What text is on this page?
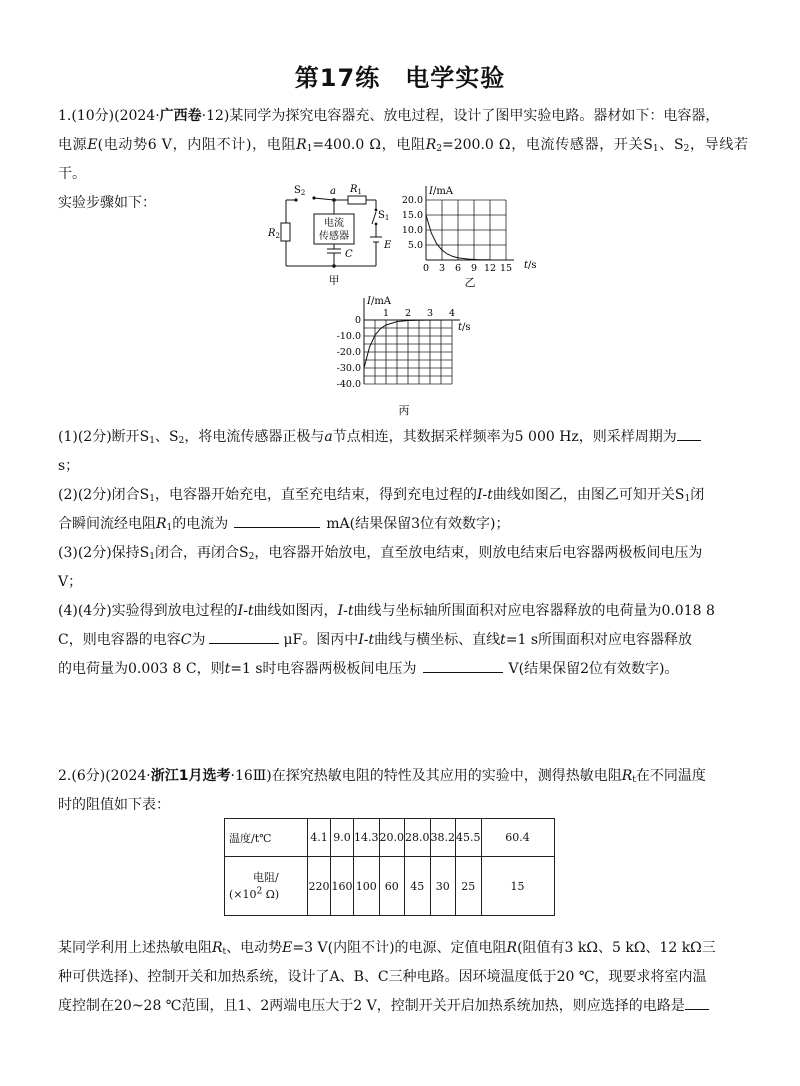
第17练　电学实验
1.(10分)(2024·广西卷·12)某同学为探究电容器充、放电过程，设计了图甲实验电路。器材如下：电容器，
电源E(电动势6 V，内阻不计)，电阻$R_1=400.0$ Ω，电阻$R_2=200.0$ Ω，电流传感器，开关$S_1$、$S_2$，导线若干。
实验步骤如下：
$S_2$ a $R_1$
$S_1$
$R_2$
电流
传感器
C
E
甲
20.0
15.0
10.0
5.0
0 3 6 9 12 15
I/mA
t/s
乙
0
-10.0
-20.0
-30.0
-40.0
1 2 3 4
I/mA
t/s
丙
(1)(2分)断开$S_1$、$S_2$，将电流传感器正极与a节点相连，其数据采样频率为5 000 Hz，则采样周期为
s；
(2)(2分)闭合$S_1$，电容器开始充电，直至充电结束，得到充电过程的I-t曲线如图乙，由图乙可知开关$S_1$闭
合瞬间流经电阻$R_1$的电流为	mA(结果保留3位有效数字)；
(3)(2分)保持$S_1$闭合，再闭合$S_2$，电容器开始放电，直至放电结束，则放电结束后电容器两极板间电压为
V；
(4)(4分)实验得到放电过程的I-t曲线如图丙，I-t曲线与坐标轴所围面积对应电容器释放的电荷量为0.018 8
C，则电容器的电容C为	μF。图丙中I-t曲线与横坐标、直线t=1 s所围面积对应电容器释放
的电荷量为0.003 8 C，则t=1 s时电容器两极板间电压为	V(结果保留2位有效数字)。
2.(6分)(2024·浙江1月选考·16Ⅲ)在探究热敏电阻的特性及其应用的实验中，测得热敏电阻$R_t$在不同温度
时的阻值如下表：
温度/t℃	4.1	9.0	14.3	20.0	28.0	38.2	45.5	60.4

电阻/
($\times 10^2$ Ω)	220	160	100	60	45	30	25	15
某同学利用上述热敏电阻$R_t$、电动势E=3 V(内阻不计)的电源、定值电阻R(阻值有3 kΩ、5 kΩ、12 kΩ三
种可供选择)、控制开关和加热系统，设计了A、B、C三种电路。因环境温度低于20 ℃，现要求将室内温
度控制在20~28 ℃范围，且1、2两端电压大于2 V，控制开关开启加热系统加热，则应选择的电路是
